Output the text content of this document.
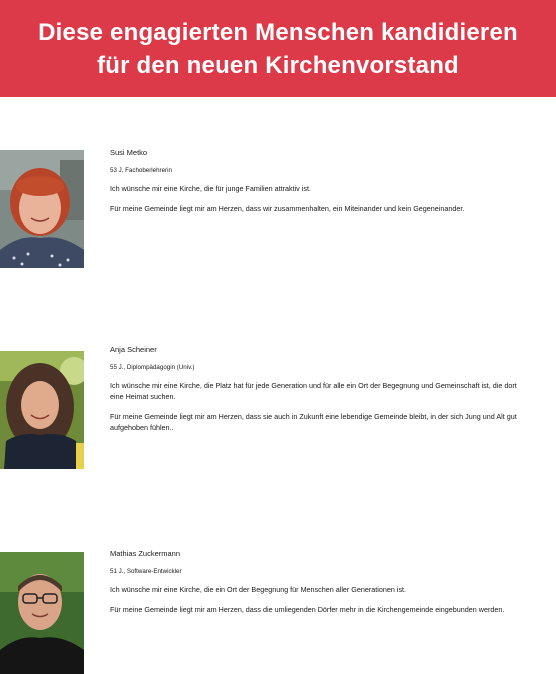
Diese engagierten Menschen kandidieren
für den neuen Kirchenvorstand

Susi Metko

53 J, Fachoberlehrerin

Ich wünsche mir eine Kirche, die für junge Familien attraktiv ist.

Für meine Gemeinde liegt mir am Herzen, dass wir zusammenhalten, ein Miteinander und kein Gegeneinander.

Anja Scheiner

55 J., Diplompädagogin (Univ.)

Ich wünsche mir eine Kirche, die Platz hat für jede Generation und für alle ein Ort der Begegnung und Gemeinschaft ist, die dort eine Heimat suchen.

Für meine Gemeinde liegt mir am Herzen, dass sie auch in Zukunft eine lebendige Gemeinde bleibt, in der sich Jung und Alt gut aufgehoben fühlen..

Mathias Zuckermann

51 J., Software-Entwickler

Ich wünsche mir eine Kirche, die ein Ort der Begegnung für Menschen aller Generationen ist.

Für meine Gemeinde liegt mir am Herzen, dass die umliegenden Dörfer mehr in die Kirchengemeinde eingebunden werden.
